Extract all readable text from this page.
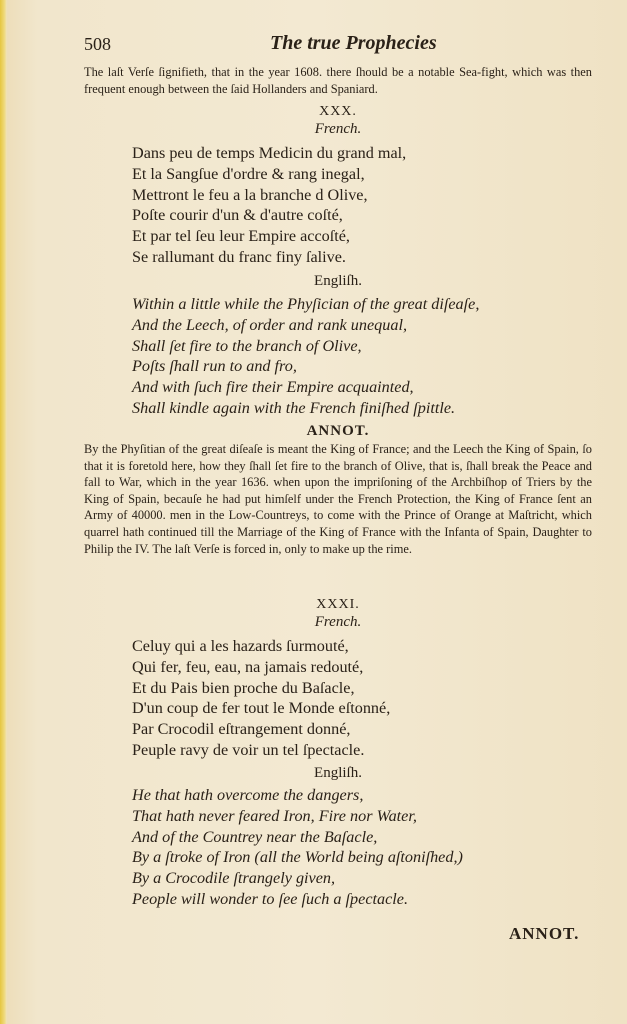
508	The true Prophecies
The laſt Verſe ſignifieth, that in the year 1608. there ſhould be a notable Sea-fight, which was then frequent enough between the ſaid Hollanders and Spaniard.
XXX.
French.
Dans peu de temps Medicin du grand mal,
Et la Sangſue d'ordre & rang inegal,
Mettront le feu a la branche d Olive,
Poſte courir d'un & d'autre coſté,
Et par tel ſeu leur Empire accoſté,
Se rallumant du franc finy ſalive.
Engliſh.
Within a little while the Phyſician of the great diſeaſe,
And the Leech, of order and rank unequal,
Shall ſet fire to the branch of Olive,
Poſts ſhall run to and fro,
And with ſuch fire their Empire acquainted,
Shall kindle again with the French finiſhed ſpittle.
ANNOT.
By the Phyſitian of the great diſeaſe is meant the King of France; and the Leech the King of Spain, ſo that it is foretold here, how they ſhall ſet fire to the branch of Olive, that is, ſhall break the Peace and fall to War, which in the year 1636. when upon the impriſoning of the Archbiſhop of Triers by the King of Spain, becauſe he had put himſelf under the French Protection, the King of France ſent an Army of 40000. men in the Low-Countreys, to come with the Prince of Orange at Maſtricht, which quarrel hath continued till the Marriage of the King of France with the Infanta of Spain, Daughter to Philip the IV. The laſt Verſe is forced in, only to make up the rime.
XXXI.
French.
Celuy qui a les hazards ſurmouté,
Qui fer, feu, eau, na jamais redouté,
Et du Pais bien proche du Baſacle,
D'un coup de fer tout le Monde eſtonné,
Par Crocodil eſtrangement donné,
Peuple ravy de voir un tel ſpectacle.
Engliſh.
He that hath overcome the dangers,
That hath never feared Iron, Fire nor Water,
And of the Countrey near the Baſacle,
By a ſtroke of Iron (all the World being aſtoniſhed,)
By a Crocodile ſtrangely given,
People will wonder to ſee ſuch a ſpectacle.
ANNOT.
